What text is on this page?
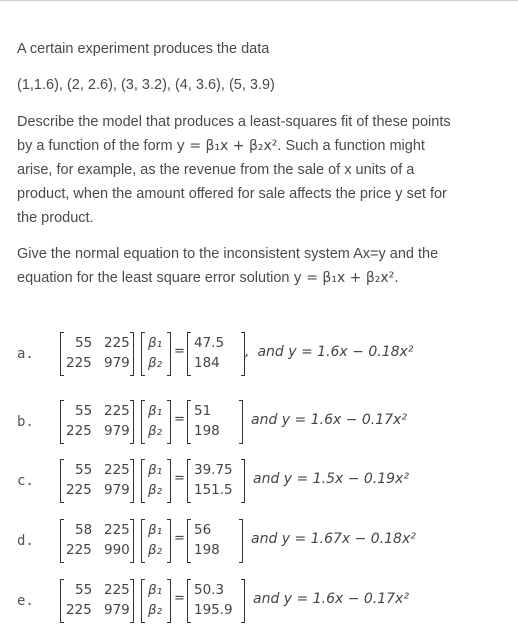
A certain experiment produces the data
(1,1.6), (2, 2.6), (3, 3.2), (4, 3.6), (5, 3.9)
Describe the model that produces a least-squares fit of these points
by a function of the form y = β₁x + β₂x². Such a function might
arise, for example, as the revenue from the sale of x units of a
product, when the amount offered for sale affects the price y set for
the product.
Give the normal equation to the inconsistent system Ax=y and the
equation for the least square error solution y = β₁x + β₂x².
a.
55 225
225 979
β₁
β₂
=
47.5
184
, and y = 1.6x − 0.18x²
b.
55 225
225 979
β₁
β₂
=
51
198
and y = 1.6x − 0.17x²
c.
55 225
225 979
β₁
β₂
=
39.75
151.5
and y = 1.5x − 0.19x²
d.
58 225
225 990
β₁
β₂
=
56
198
and y = 1.67x − 0.18x²
e.
55 225
225 979
β₁
β₂
=
50.3
195.9
and y = 1.6x − 0.17x²
